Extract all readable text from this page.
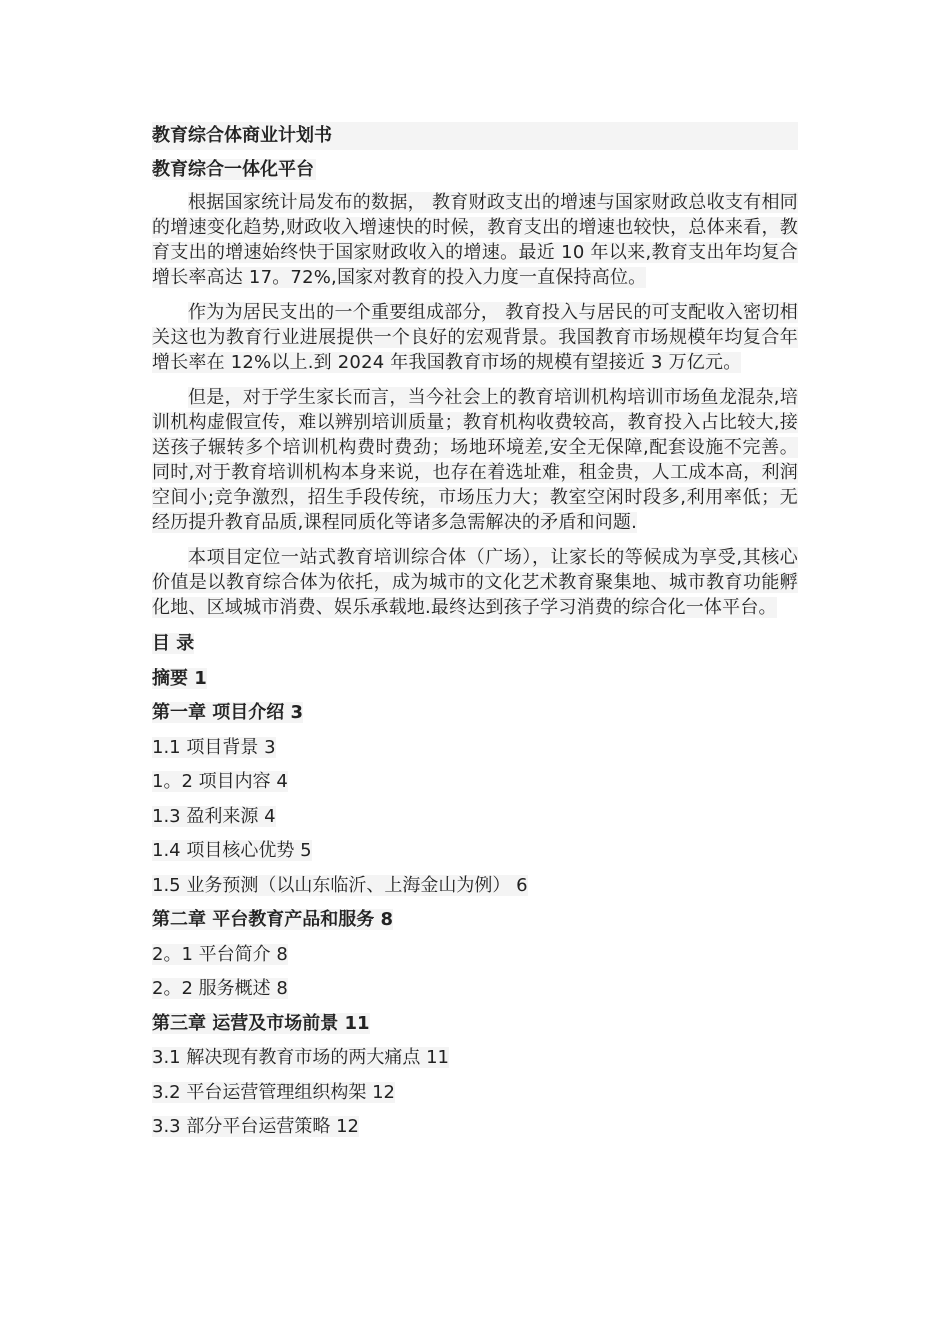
教育综合体商业计划书
教育综合一体化平台

根据国家统计局发布的数据， 教育财政支出的增速与国家财政总收支有相同的增速变化趋势,财政收入增速快的时候，教育支出的增速也较快，总体来看，教育支出的增速始终快于国家财政收入的增速。最近 10 年以来,教育支出年均复合增长率高达 17。72%,国家对教育的投入力度一直保持高位。

作为为居民支出的一个重要组成部分， 教育投入与居民的可支配收入密切相关这也为教育行业进展提供一个良好的宏观背景。我国教育市场规模年均复合年增长率在 12%以上.到 2024 年我国教育市场的规模有望接近 3 万亿元。

但是，对于学生家长而言，当今社会上的教育培训机构培训市场鱼龙混杂,培训机构虚假宣传，难以辨别培训质量；教育机构收费较高，教育投入占比较大,接送孩子辗转多个培训机构费时费劲；场地环境差,安全无保障,配套设施不完善。同时,对于教育培训机构本身来说，也存在着选址难，租金贵，人工成本高，利润空间小;竞争激烈，招生手段传统，市场压力大；教室空闲时段多,利用率低；无经历提升教育品质,课程同质化等诸多急需解决的矛盾和问题.

本项目定位一站式教育培训综合体（广场），让家长的等候成为享受,其核心价值是以教育综合体为依托，成为城市的文化艺术教育聚集地、城市教育功能孵化地、区域城市消费、娱乐承载地.最终达到孩子学习消费的综合化一体平台。

目 录
摘要 1
第一章 项目介绍 3
1.1 项目背景 3
1。2 项目内容 4
1.3 盈利来源 4
1.4 项目核心优势 5
1.5 业务预测（以山东临沂、上海金山为例） 6
第二章 平台教育产品和服务 8
2。1 平台简介 8
2。2 服务概述 8
第三章 运营及市场前景 11
3.1 解决现有教育市场的两大痛点 11
3.2 平台运营管理组织构架 12
3.3 部分平台运营策略 12
